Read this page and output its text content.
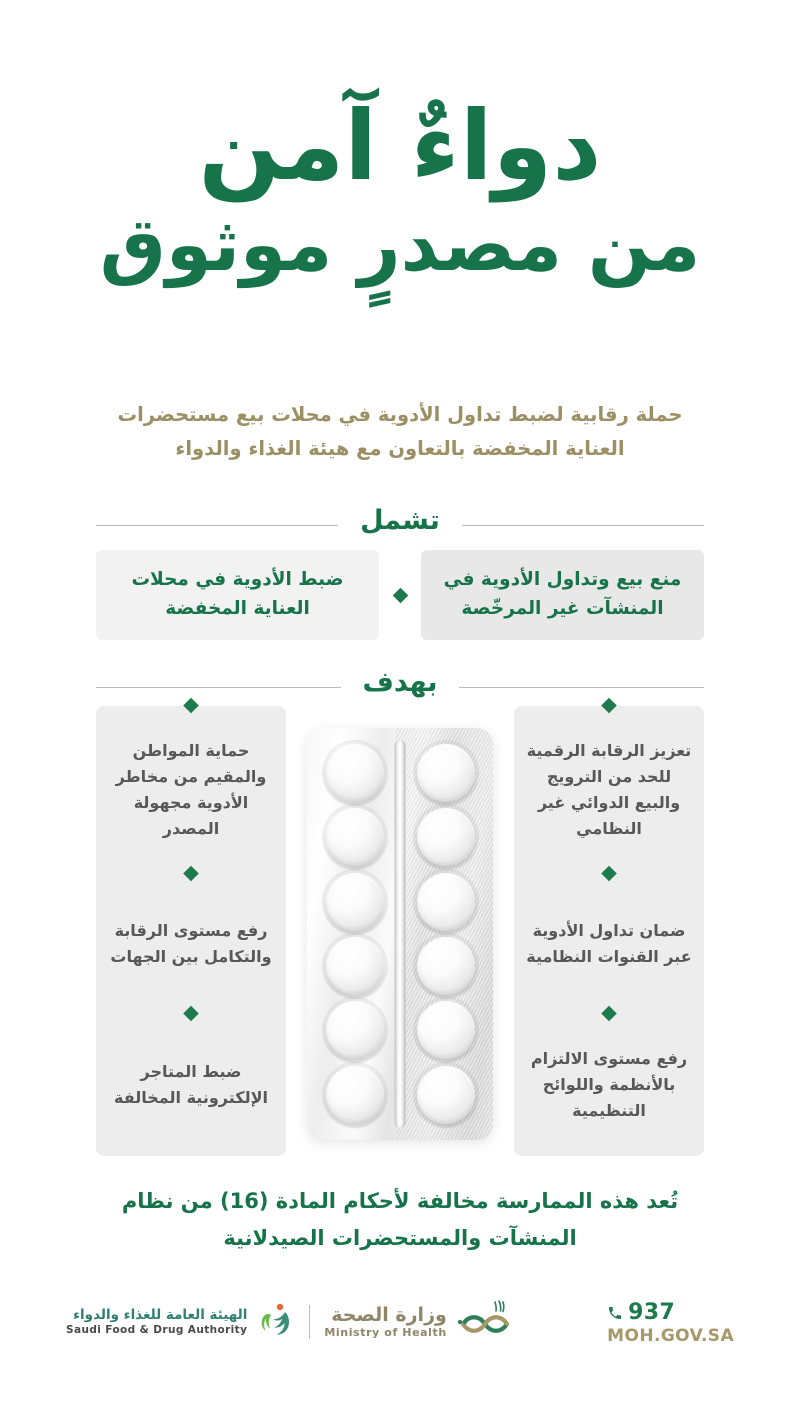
دواءٌ آمن
من مصدرٍ موثوق
حملة رقابية لضبط تداول الأدوية في محلات بيع مستحضرات العناية المخفضة بالتعاون مع هيئة الغذاء والدواء
تشمل
منع بيع وتداول الأدوية في المنشآت غير المرخّصة
ضبط الأدوية في محلات العناية المخفضة
بهدف
تعزيز الرقابة الرقمية للحد من الترويج والبيع الدوائي غير النظامي
ضمان تداول الأدوية عبر القنوات النظامية
رفع مستوى الالتزام بالأنظمة واللوائح التنظيمية
حماية المواطن والمقيم من مخاطر الأدوية مجهولة المصدر
رفع مستوى الرقابة والتكامل بين الجهات
ضبط المتاجر الإلكترونية المخالفة
تُعد هذه الممارسة مخالفة لأحكام المادة (16) من نظام المنشآت والمستحضرات الصيدلانية
937
MOH.GOV.SA
الهيئة العامة للغذاء والدواء
Saudi Food & Drug Authority
وزارة الصحة
Ministry of Health
